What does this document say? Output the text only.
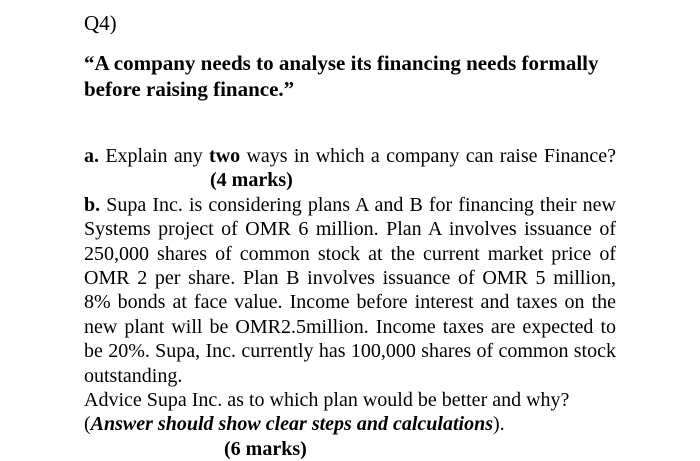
Q4)
“A company needs to analyse its financing needs formally before raising finance.”

a. Explain any two ways in which a company can raise Finance?(4 marks)

b. Supa Inc. is considering plans A and B for financing their new Systems project of OMR 6 million. Plan A involves issuance of 250,000 shares of common stock at the current market price of OMR 2 per share. Plan B involves issuance of OMR 5 million, 8% bonds at face value. Income before interest and taxes on the new plant will be OMR2.5million. Income taxes are expected to be 20%. Supa, Inc. currently has 100,000 shares of common stock outstanding.

Advice Supa Inc. as to which plan would be better and why?

(Answer should show clear steps and calculations).

(6 marks)
